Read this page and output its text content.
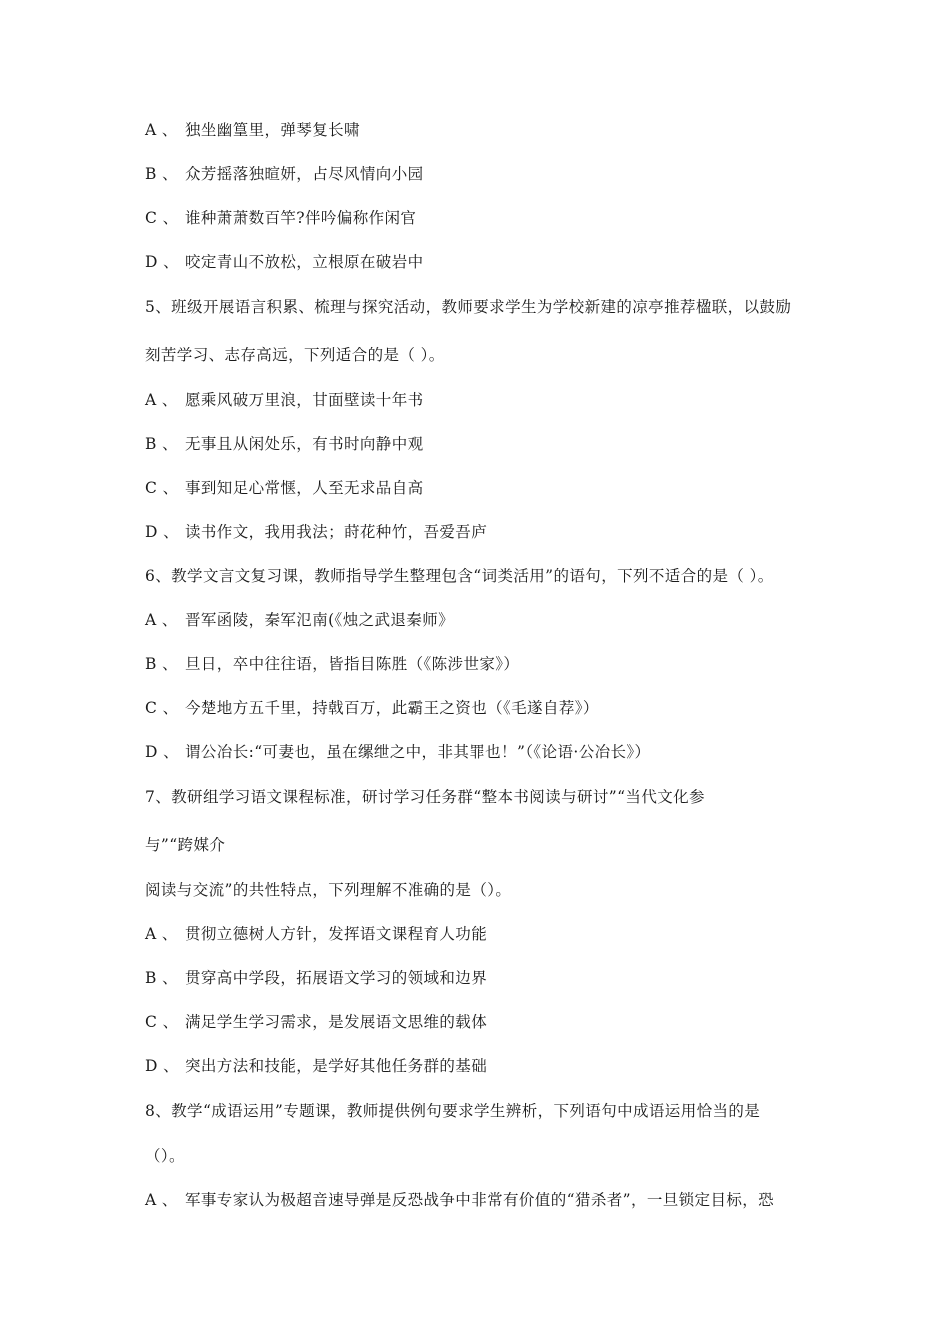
A 、 独坐幽篁里，弹琴复长啸
B 、 众芳摇落独暄妍，占尽风情向小园
C 、 谁种萧萧数百竿?伴吟偏称作闲官
D 、 咬定青山不放松，立根原在破岩中
5、班级开展语言积累、梳理与探究活动，教师要求学生为学校新建的凉亭推荐楹联，以鼓励
刻苦学习、志存高远，下列适合的是（ ）。
A 、 愿乘风破万里浪，甘面壁读十年书
B 、 无事且从闲处乐，有书时向静中观
C 、 事到知足心常惬，人至无求品自高
D 、 读书作文，我用我法；莳花种竹，吾爱吾庐
6、教学文言文复习课，教师指导学生整理包含“词类活用”的语句，下列不适合的是（ ）。
A 、 晋军函陵，秦军氾南(《烛之武退秦师》
B 、 旦日，卒中往往语，皆指目陈胜（《陈涉世家》）
C 、 今楚地方五千里，持戟百万，此霸王之资也（《毛遂自荐》）
D 、 谓公冶长:“可妻也，虽在缧绁之中，非其罪也！”（《论语·公冶长》）
7、教研组学习语文课程标准，研讨学习任务群“整本书阅读与研讨”“当代文化参
与”“跨媒介
阅读与交流”的共性特点，下列理解不准确的是（）。
A 、 贯彻立德树人方针，发挥语文课程育人功能
B 、 贯穿高中学段，拓展语文学习的领域和边界
C 、 满足学生学习需求，是发展语文思维的载体
D 、 突出方法和技能，是学好其他任务群的基础
8、教学“成语运用”专题课，教师提供例句要求学生辨析，下列语句中成语运用恰当的是
（）。
A 、 军事专家认为极超音速导弹是反恐战争中非常有价值的“猎杀者”，一旦锁定目标，恐
